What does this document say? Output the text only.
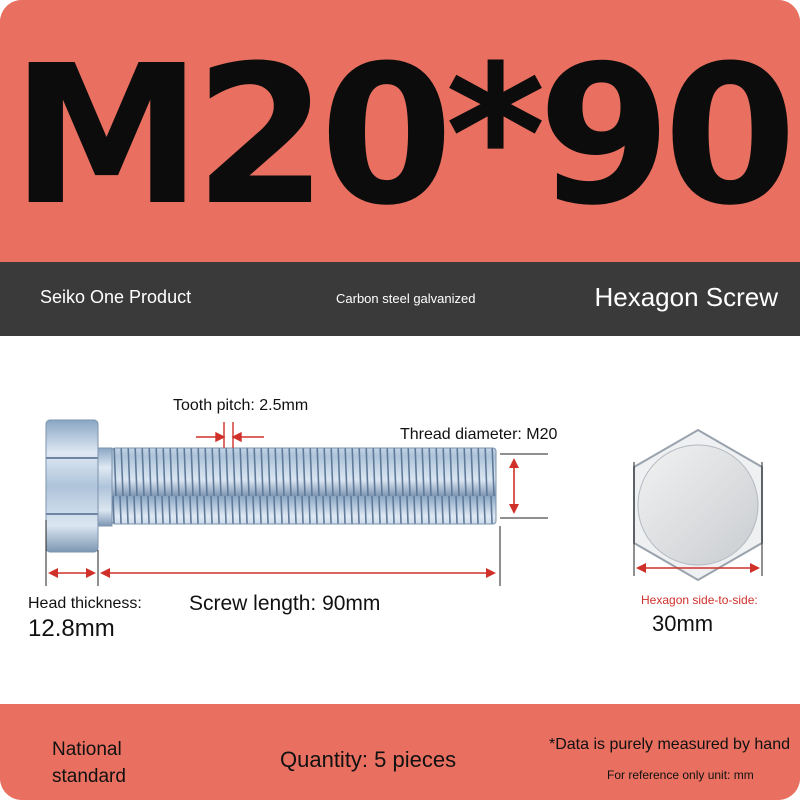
M20*90
Seiko One Product	Carbon steel galvanized	Hexagon Screw
Tooth pitch: 2.5mm
Thread diameter: M20
Head thickness:
12.8mm
Screw length: 90mm	Hexagon side-to-side:
30mm
National
standard
Quantity: 5 pieces
*Data is purely measured by hand
For reference only unit: mm
